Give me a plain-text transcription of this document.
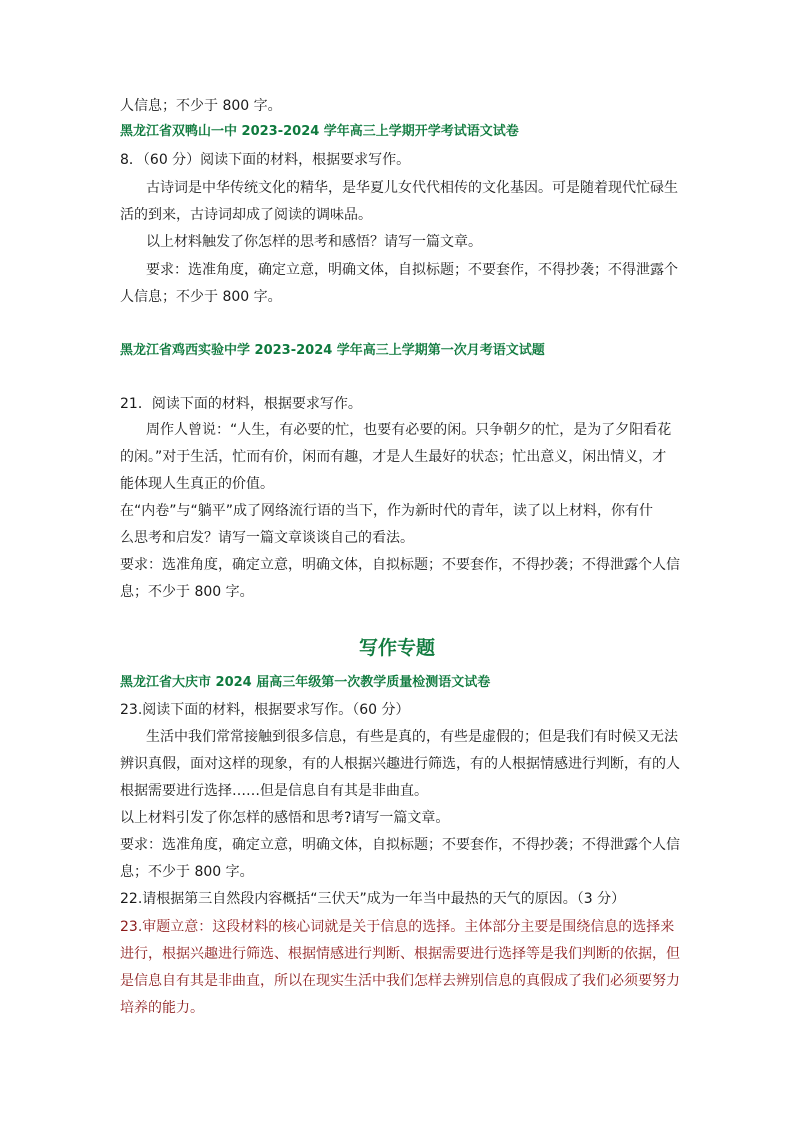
人信息；不少于 800 字。
黑龙江省双鸭山一中 2023-2024 学年高三上学期开学考试语文试卷
8．（60 分）阅读下面的材料，根据要求写作。
古诗词是中华传统文化的精华，是华夏儿女代代相传的文化基因。可是随着现代忙碌生
活的到来，古诗词却成了阅读的调味品。
以上材料触发了你怎样的思考和感悟？请写一篇文章。
要求：选准角度，确定立意，明确文体，自拟标题；不要套作，不得抄袭；不得泄露个
人信息；不少于 800 字。
黑龙江省鸡西实验中学 2023-2024 学年高三上学期第一次月考语文试题
21．阅读下面的材料，根据要求写作。
周作人曾说：“人生，有必要的忙，也要有必要的闲。只争朝夕的忙，是为了夕阳看花
的闲。”对于生活，忙而有价，闲而有趣，才是人生最好的状态；忙出意义，闲出情义，才
能体现人生真正的价值。
在“内卷”与“躺平”成了网络流行语的当下，作为新时代的青年，读了以上材料，你有什
么思考和启发？请写一篇文章谈谈自己的看法。
要求：选准角度，确定立意，明确文体，自拟标题；不要套作，不得抄袭；不得泄露个人信
息；不少于 800 字。
写作专题
黑龙江省大庆市 2024 届高三年级第一次教学质量检测语文试卷
23.阅读下面的材料，根据要求写作。（60 分）
生活中我们常常接触到很多信息，有些是真的，有些是虚假的；但是我们有时候又无法
辨识真假，面对这样的现象，有的人根据兴趣进行筛选，有的人根据情感进行判断，有的人
根据需要进行选择……但是信息自有其是非曲直。
以上材料引发了你怎样的感悟和思考?请写一篇文章。
要求：选准角度，确定立意，明确文体，自拟标题；不要套作，不得抄袭；不得泄露个人信
息；不少于 800 字。
22.请根据第三自然段内容概括“三伏天”成为一年当中最热的天气的原因。（3 分）
23.审题立意：这段材料的核心词就是关于信息的选择。主体部分主要是围绕信息的选择来
进行，根据兴趣进行筛选、根据情感进行判断、根据需要进行选择等是我们判断的依据，但
是信息自有其是非曲直，所以在现实生活中我们怎样去辨别信息的真假成了我们必须要努力
培养的能力。
